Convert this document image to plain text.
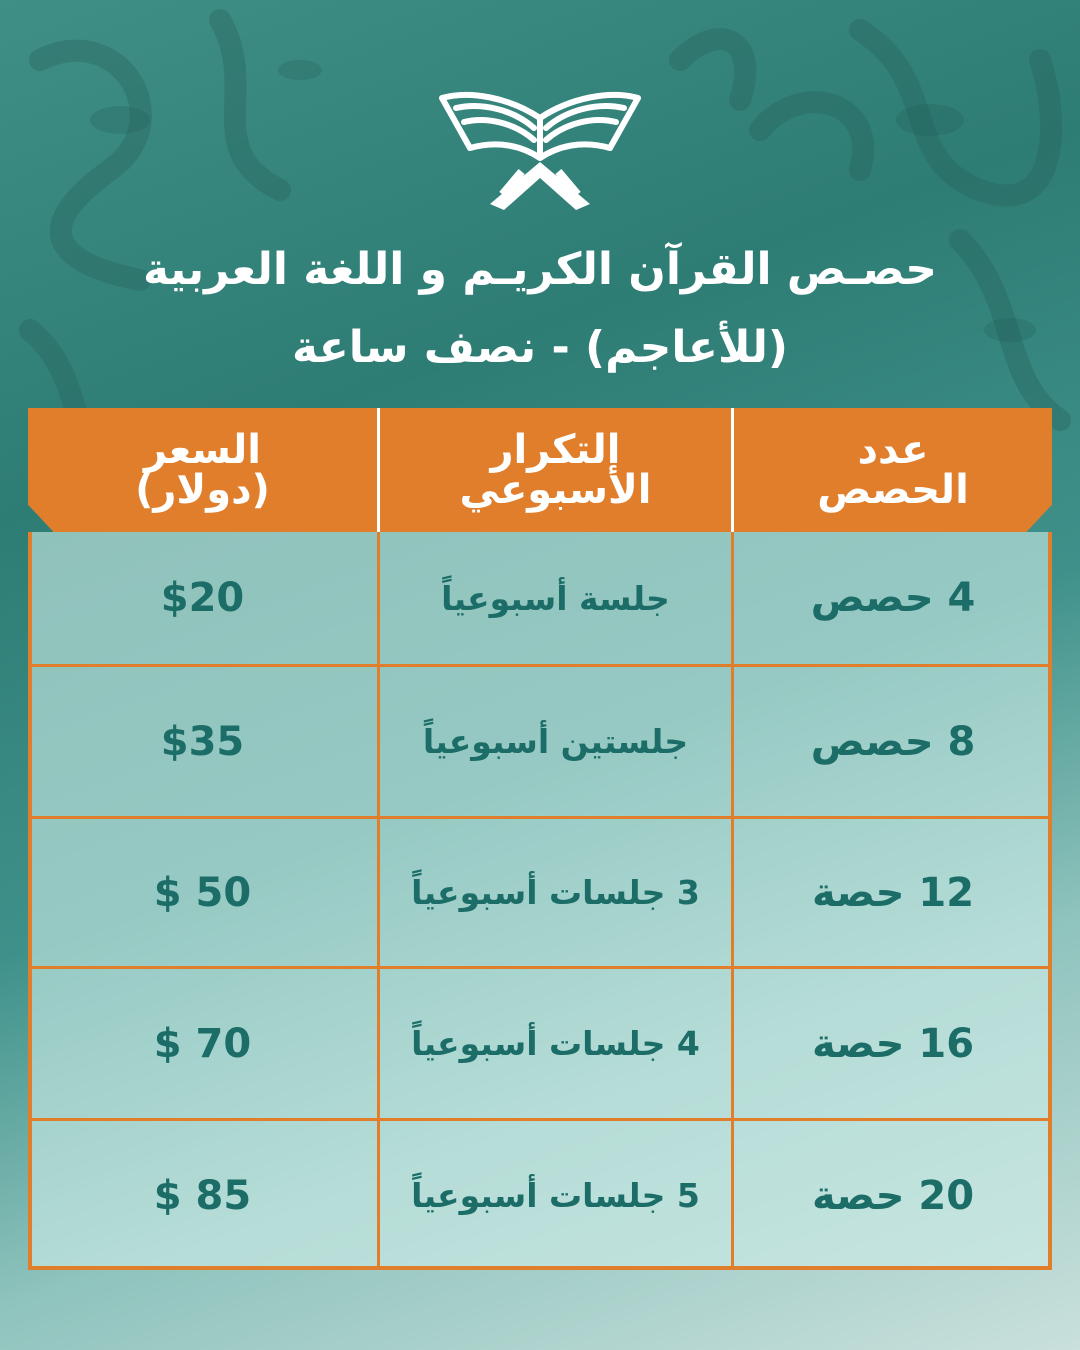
حصـص القرآن الكريـم و اللغة العربية
(للأعاجم) - نصف ساعة
عدد
الحصص
التكرار
الأسبوعي
السعر
(دولار)
4 حصص
جلسة أسبوعياً
$20
8 حصص
جلستين أسبوعياً
$35
12 حصة
3 جلسات أسبوعياً
$ 50
16 حصة
4 جلسات أسبوعياً
$ 70
20 حصة
5 جلسات أسبوعياً
$ 85
